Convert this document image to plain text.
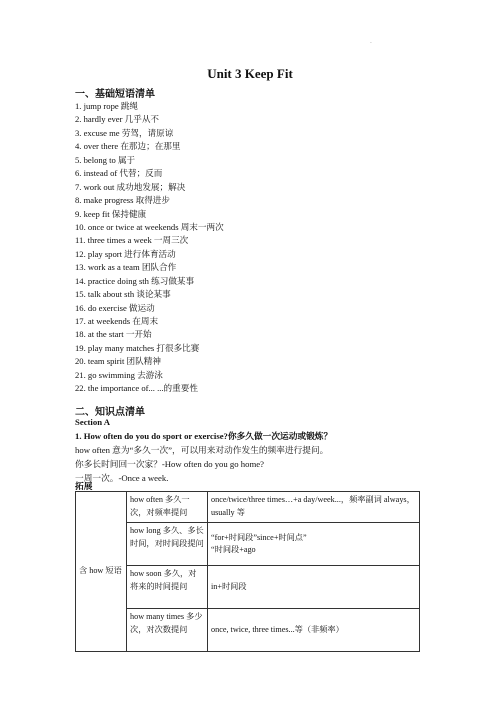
·
Unit 3 Keep Fit
一、基础短语清单
1. jump rope 跳绳
2. hardly ever 几乎从不
3. excuse me 劳驾，请原谅
4. over there 在那边；在那里
5. belong to 属于
6. instead of 代替；反而
7. work out 成功地发展；解决
8. make progress 取得进步
9. keep fit 保持健康
10. once or twice at weekends 周末一两次
11. three times a week 一周三次
12. play sport 进行体育活动
13. work as a team 团队合作
14. practice doing sth 练习做某事
15. talk about sth 谈论某事
16. do exercise 做运动
17. at weekends 在周末
18. at the start 一开始
19. play many matches 打很多比赛
20. team spirit 团队精神
21. go swimming 去游泳
22. the importance of... ...的重要性
二、知识点清单
Section A
1. How often do you do sport or exercise?你多久做一次运动或锻炼？
how often 意为“多久一次”，可以用来对动作发生的频率进行提问。
你多长时间回一次家？-How often do you go home?
一周一次。-Once a week.
拓展
含 how 短语	how often 多久一次，对频率提问	once/twice/three times…+a day/week...，频率副词 always，usually 等
	how long 多久、多长时间，对时间段提问	“for+时间段”since+时间点”
“时间段+ago
	how soon 多久，对将来的时间提问	in+时间段
	how many times 多少次，对次数提问	once, twice, three times...等（非频率）
